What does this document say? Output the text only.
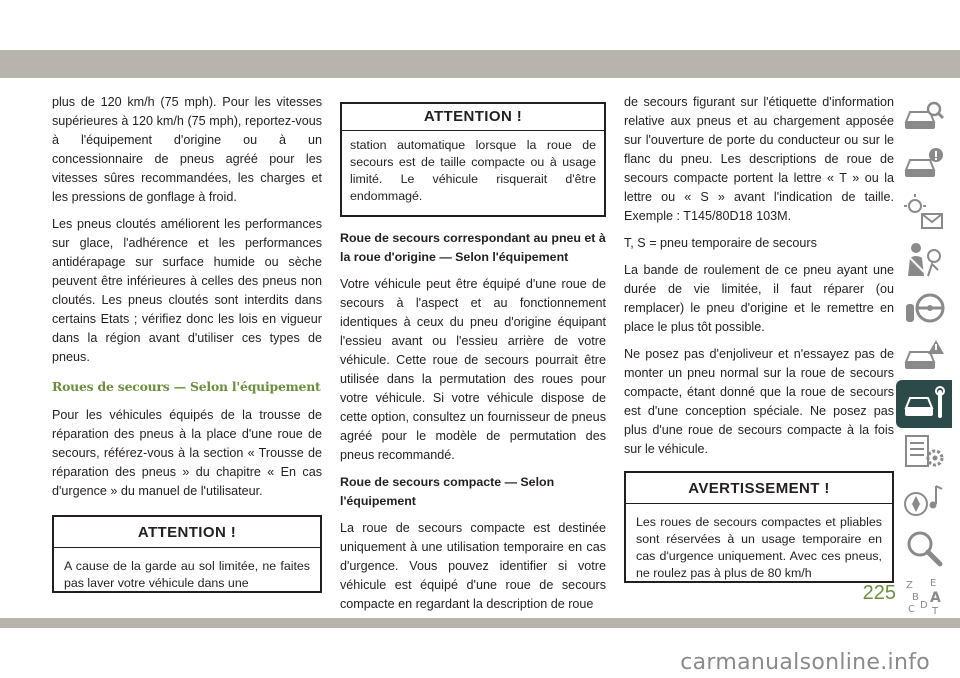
plus de 120 km/h (75 mph). Pour les vitesses supérieures à 120 km/h (75 mph), reportez-vous à l'équipement d'origine ou à un concessionnaire de pneus agréé pour les vitesses sûres recommandées, les charges et les pressions de gonflage à froid.

Les pneus cloutés améliorent les performances sur glace, l'adhérence et les performances antidérapage sur surface humide ou sèche peuvent être inférieures à celles des pneus non cloutés. Les pneus cloutés sont interdits dans certains Etats ; vérifiez donc les lois en vigueur dans la région avant d'utiliser ces types de pneus.

Roues de secours — Selon l'équipement

Pour les véhicules équipés de la trousse de réparation des pneus à la place d'une roue de secours, référez-vous à la section « Trousse de réparation des pneus » du chapitre « En cas d'urgence » du manuel de l'utilisateur.

ATTENTION !
A cause de la garde au sol limitée, ne faites pas laver votre véhicule dans une
ATTENTION !
station automatique lorsque la roue de secours est de taille compacte ou à usage limité. Le véhicule risquerait d'être endommagé.
Roue de secours correspondant au pneu et à la roue d'origine — Selon l'équipement

Votre véhicule peut être équipé d'une roue de secours à l'aspect et au fonctionnement identiques à ceux du pneu d'origine équipant l'essieu avant ou l'essieu arrière de votre véhicule. Cette roue de secours pourrait être utilisée dans la permutation des roues pour votre véhicule. Si votre véhicule dispose de cette option, consultez un fournisseur de pneus agréé pour le modèle de permutation des pneus recommandé.

Roue de secours compacte — Selon l'équipement

La roue de secours compacte est destinée uniquement à une utilisation temporaire en cas d'urgence. Vous pouvez identifier si votre véhicule est équipé d'une roue de secours compacte en regardant la description de roue

de secours figurant sur l'étiquette d'information relative aux pneus et au chargement apposée sur l'ouverture de porte du conducteur ou sur le flanc du pneu. Les descriptions de roue de secours compacte portent la lettre « T » ou la lettre ou « S » avant l'indication de taille. Exemple : T145/80D18 103M.

T, S = pneu temporaire de secours

La bande de roulement de ce pneu ayant une durée de vie limitée, il faut réparer (ou remplacer) le pneu d'origine et le remettre en place le plus tôt possible.

Ne posez pas d'enjoliveur et n'essayez pas de monter un pneu normal sur la roue de secours compacte, étant donné que la roue de secours est d'une conception spéciale. Ne posez pas plus d'une roue de secours compacte à la fois sur le véhicule.

AVERTISSEMENT !
Les roues de secours compactes et pliables sont réservées à un usage temporaire en cas d'urgence uniquement. Avec ces pneus, ne roulez pas à plus de 80 km/h
Z E
B A
C D
T
225
carmanualsonline.info
